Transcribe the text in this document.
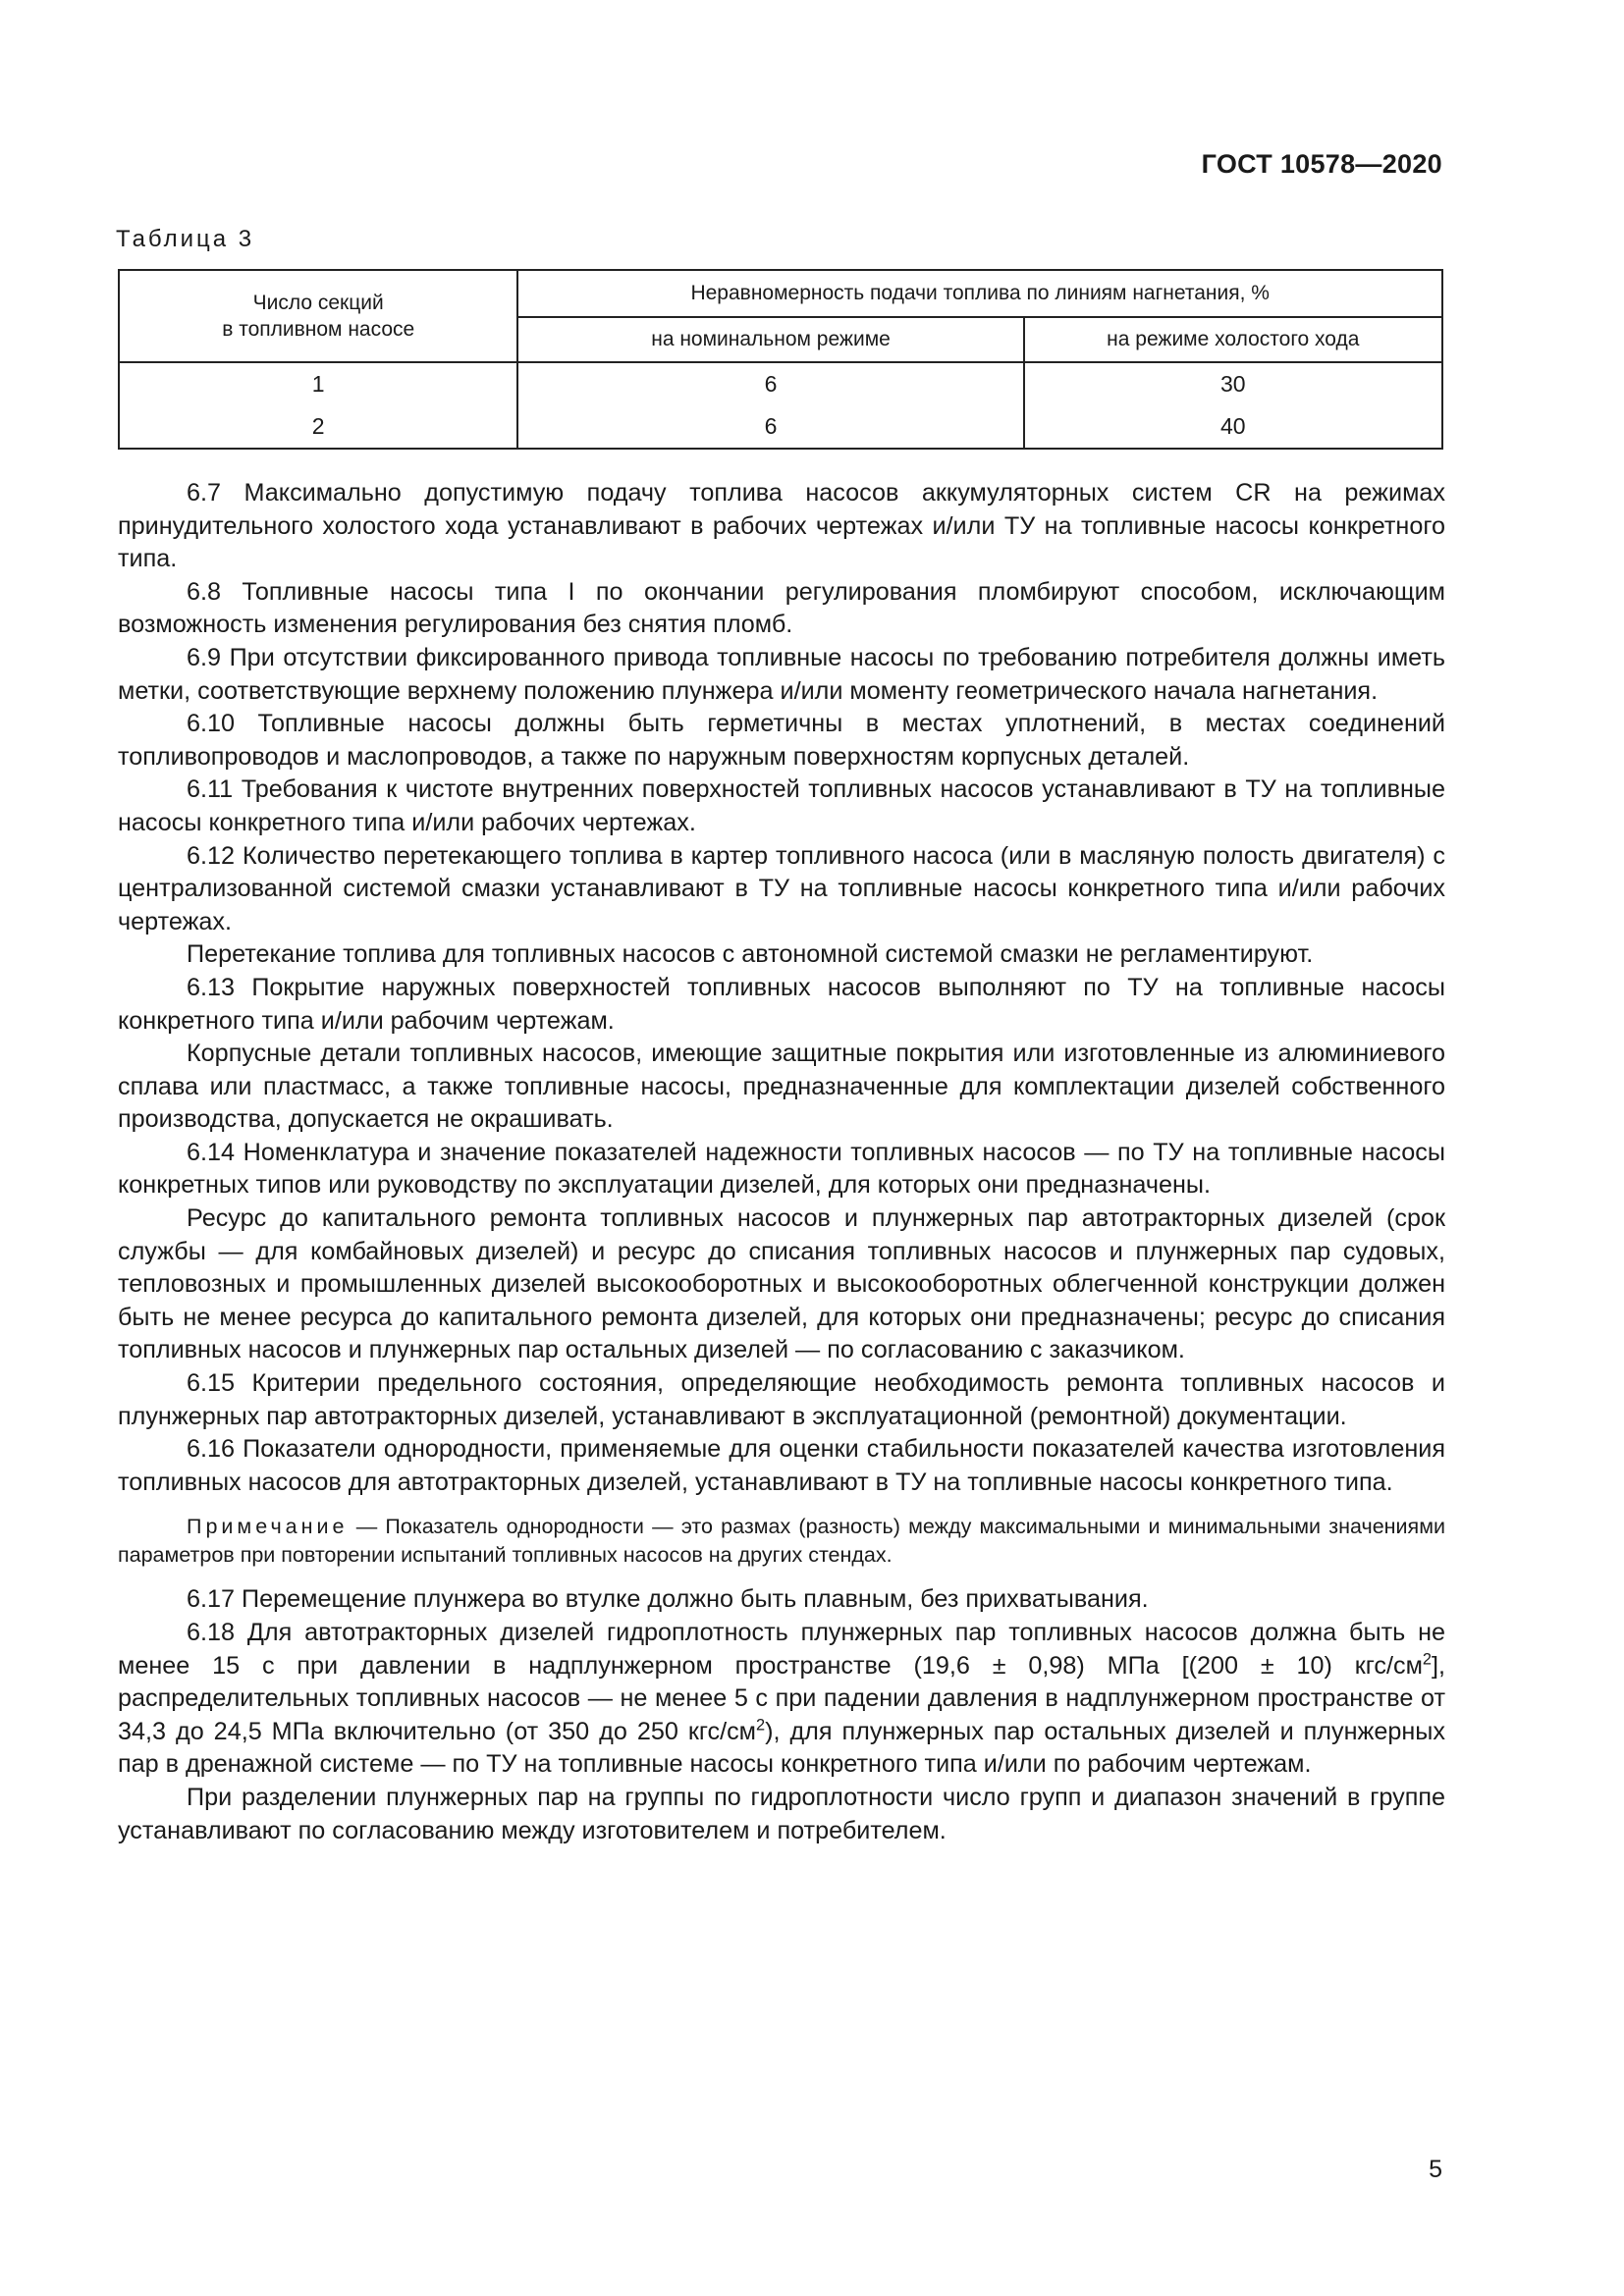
ГОСТ 10578—2020
Таблица 3
Число секций
в топливном насосе	Неравномерность подачи топлива по линиям нагнетания, %	
	на номинальном режиме	на режиме холостого хода
1	6	30
2	6	40

6.7 Максимально допустимую подачу топлива насосов аккумуляторных систем CR на режимах принудительного холостого хода устанавливают в рабочих чертежах и/или ТУ на топливные насосы конкретного типа.

6.8 Топливные насосы типа I по окончании регулирования пломбируют способом, исключающим возможность изменения регулирования без снятия пломб.

6.9 При отсутствии фиксированного привода топливные насосы по требованию потребителя должны иметь метки, соответствующие верхнему положению плунжера и/или моменту геометрического начала нагнетания.

6.10 Топливные насосы должны быть герметичны в местах уплотнений, в местах соединений топливопроводов и маслопроводов, а также по наружным поверхностям корпусных деталей.

6.11 Требования к чистоте внутренних поверхностей топливных насосов устанавливают в ТУ на топливные насосы конкретного типа и/или рабочих чертежах.

6.12 Количество перетекающего топлива в картер топливного насоса (или в масляную полость двигателя) с централизованной системой смазки устанавливают в ТУ на топливные насосы конкретного типа и/или рабочих чертежах.

Перетекание топлива для топливных насосов с автономной системой смазки не регламентируют.

6.13 Покрытие наружных поверхностей топливных насосов выполняют по ТУ на топливные насосы конкретного типа и/или рабочим чертежам.

Корпусные детали топливных насосов, имеющие защитные покрытия или изготовленные из алюминиевого сплава или пластмасс, а также топливные насосы, предназначенные для комплектации дизелей собственного производства, допускается не окрашивать.

6.14 Номенклатура и значение показателей надежности топливных насосов — по ТУ на топливные насосы конкретных типов или руководству по эксплуатации дизелей, для которых они предназначены.

Ресурс до капитального ремонта топливных насосов и плунжерных пар автотракторных дизелей (срок службы — для комбайновых дизелей) и ресурс до списания топливных насосов и плунжерных пар судовых, тепловозных и промышленных дизелей высокооборотных и высокооборотных облегченной конструкции должен быть не менее ресурса до капитального ремонта дизелей, для которых они предназначены; ресурс до списания топливных насосов и плунжерных пар остальных дизелей — по согласованию с заказчиком.

6.15 Критерии предельного состояния, определяющие необходимость ремонта топливных насосов и плунжерных пар автотракторных дизелей, устанавливают в эксплуатационной (ремонтной) документации.

6.16 Показатели однородности, применяемые для оценки стабильности показателей качества изготовления топливных насосов для автотракторных дизелей, устанавливают в ТУ на топливные насосы конкретного типа.

Примечание — Показатель однородности — это размах (разность) между максимальными и минимальными значениями параметров при повторении испытаний топливных насосов на других стендах.

6.17 Перемещение плунжера во втулке должно быть плавным, без прихватывания.

6.18 Для автотракторных дизелей гидроплотность плунжерных пар топливных насосов должна быть не менее 15 с при давлении в надплунжерном пространстве (19,6 ± 0,98) МПа [(200 ± 10) кгс/$см^2$], распределительных топливных насосов — не менее 5 с при падении давления в надплунжерном пространстве от 34,3 до 24,5 МПа включительно (от 350 до 250 кгс/$см^2$), для плунжерных пар остальных дизелей и плунжерных пар в дренажной системе — по ТУ на топливные насосы конкретного типа и/или по рабочим чертежам.

При разделении плунжерных пар на группы по гидроплотности число групп и диапазон значений в группе устанавливают по согласованию между изготовителем и потребителем.

5
